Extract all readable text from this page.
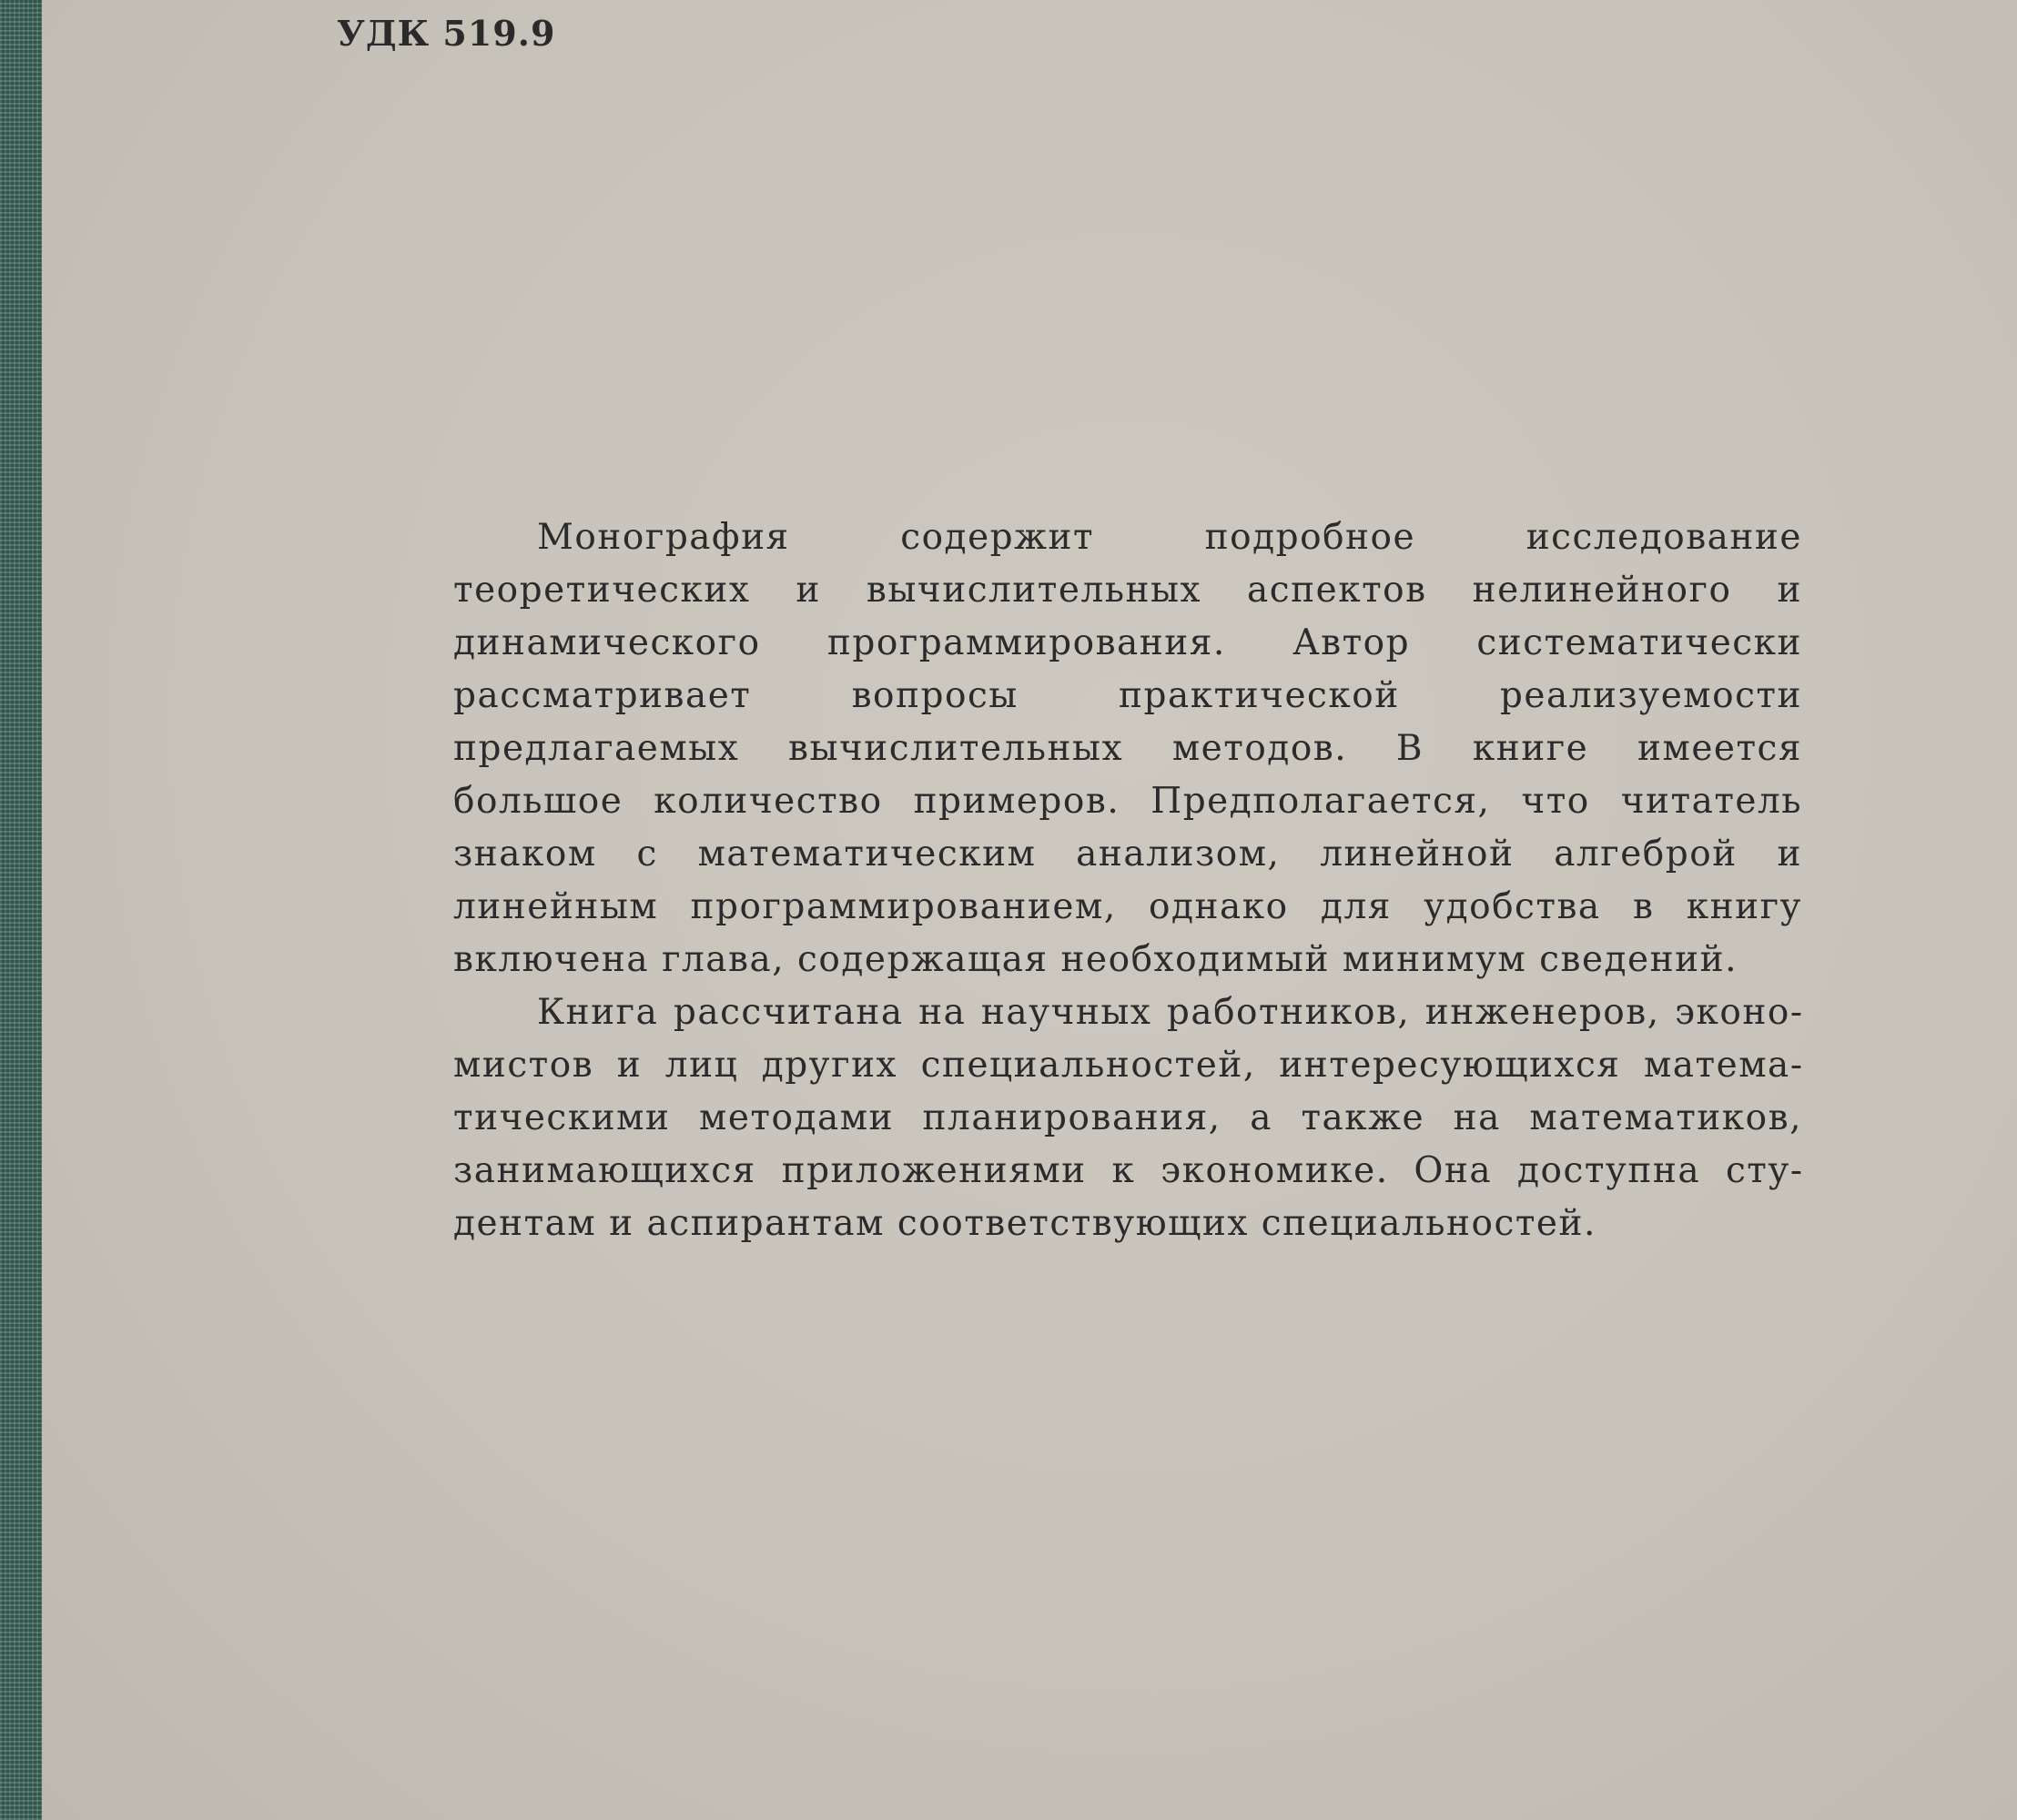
УДК 519.9

Монография содержит подробное исследование теоретических и вычислительных аспектов нелинейного и динамического программирования. Автор систематически рассматривает вопросы практической реализуемости предлагаемых вычислительных методов. В книге имеется большое количество примеров. Предполагается, что читатель знаком с математическим анализом, линейной алгеброй и линейным программированием, однако для удобства в книгу включена глава, содержащая необходимый минимум сведений.

Книга рассчитана на научных работников, инженеров, экономистов и лиц других специальностей, интересующихся математическими методами планирования, а также на математиков, занимающихся приложениями к экономике. Она доступна студентам и аспирантам соответствующих специальностей.
